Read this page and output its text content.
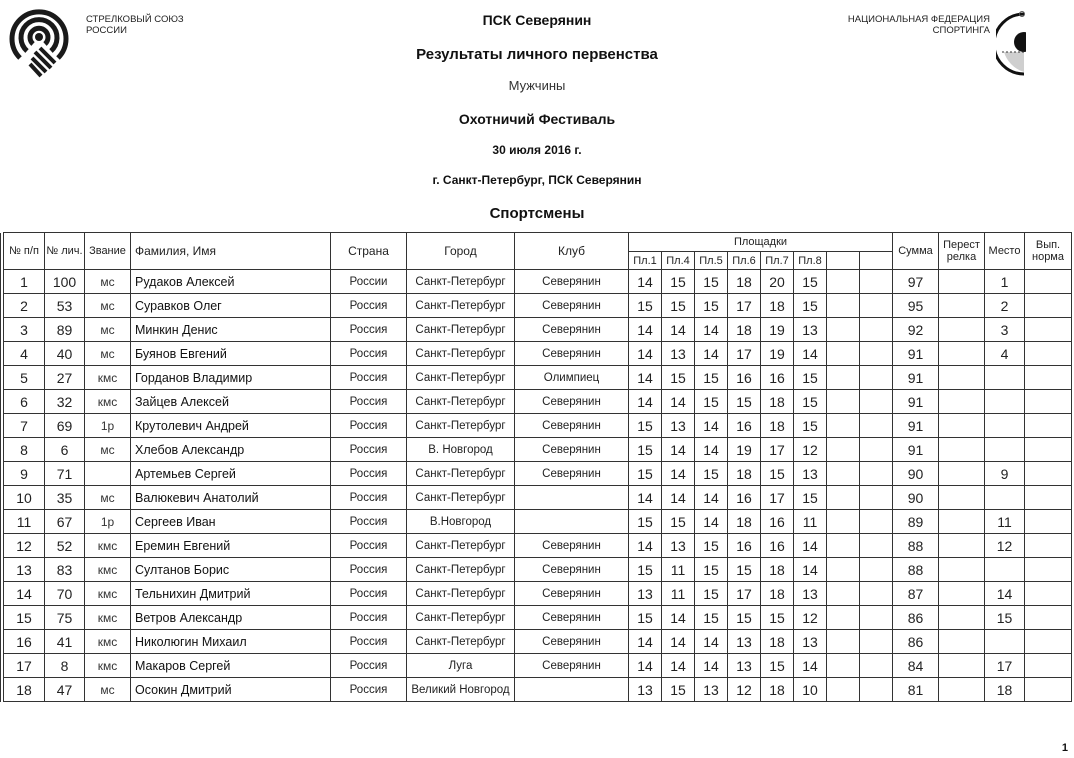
СТРЕЛКОВЫЙ СОЮЗ
РОССИИ
НАЦИОНАЛЬНАЯ ФЕДЕРАЦИЯ
СПОРТИНГА
ПСК Северянин
Результаты личного первенства
Мужчины
Охотничий Фестиваль
30 июля 2016 г.
г. Санкт-Петербург, ПСК Северянин
Спортсмены
	№ п/п	№ лич.	Звание	Фамилия, Имя	Страна	Город	Клуб	Площадки								Сумма	Перест релка	Место	Вып. норма
								Пл.1	Пл.4	Пл.5	Пл.6	Пл.7	Пл.8						
	1	100	мс	Рудаков Алексей	России	Санкт-Петербург	Северянин	14	15	15	18	20	15			97		1	
	2	53	мс	Суравков Олег	Россия	Санкт-Петербург	Северянин	15	15	15	17	18	15			95		2	
	3	89	мс	Минкин Денис	Россия	Санкт-Петербург	Северянин	14	14	14	18	19	13			92		3	
	4	40	мс	Буянов Евгений	Россия	Санкт-Петербург	Северянин	14	13	14	17	19	14			91		4	
	5	27	кмс	Горданов Владимир	Россия	Санкт-Петербург	Олимпиец	14	15	15	16	16	15			91			
	6	32	кмс	Зайцев Алексей	Россия	Санкт-Петербург	Северянин	14	14	15	15	18	15			91			
	7	69	1р	Крутолевич Андрей	Россия	Санкт-Петербург	Северянин	15	13	14	16	18	15			91			
	8	6	мс	Хлебов Александр	Россия	В. Новгород	Северянин	15	14	14	19	17	12			91			
	9	71		Артемьев Сергей	Россия	Санкт-Петербург	Северянин	15	14	15	18	15	13			90		9	
	10	35	мс	Валюкевич Анатолий	Россия	Санкт-Петербург		14	14	14	16	17	15			90			
	11	67	1р	Сергеев Иван	Россия	В.Новгород		15	15	14	18	16	11			89		11	
	12	52	кмс	Еремин Евгений	Россия	Санкт-Петербург	Северянин	14	13	15	16	16	14			88		12	
	13	83	кмс	Султанов Борис	Россия	Санкт-Петербург	Северянин	15	11	15	15	18	14			88			
	14	70	кмс	Тельнихин Дмитрий	Россия	Санкт-Петербург	Северянин	13	11	15	17	18	13			87		14	
	15	75	кмс	Ветров Александр	Россия	Санкт-Петербург	Северянин	15	14	15	15	15	12			86		15	
	16	41	кмс	Николюгин Михаил	Россия	Санкт-Петербург	Северянин	14	14	14	13	18	13			86			
	17	8	кмс	Макаров Сергей	Россия	Луга	Северянин	14	14	14	13	15	14			84		17	
	18	47	мс	Осокин Дмитрий	Россия	Великий Новгород		13	15	13	12	18	10			81		18	
1
